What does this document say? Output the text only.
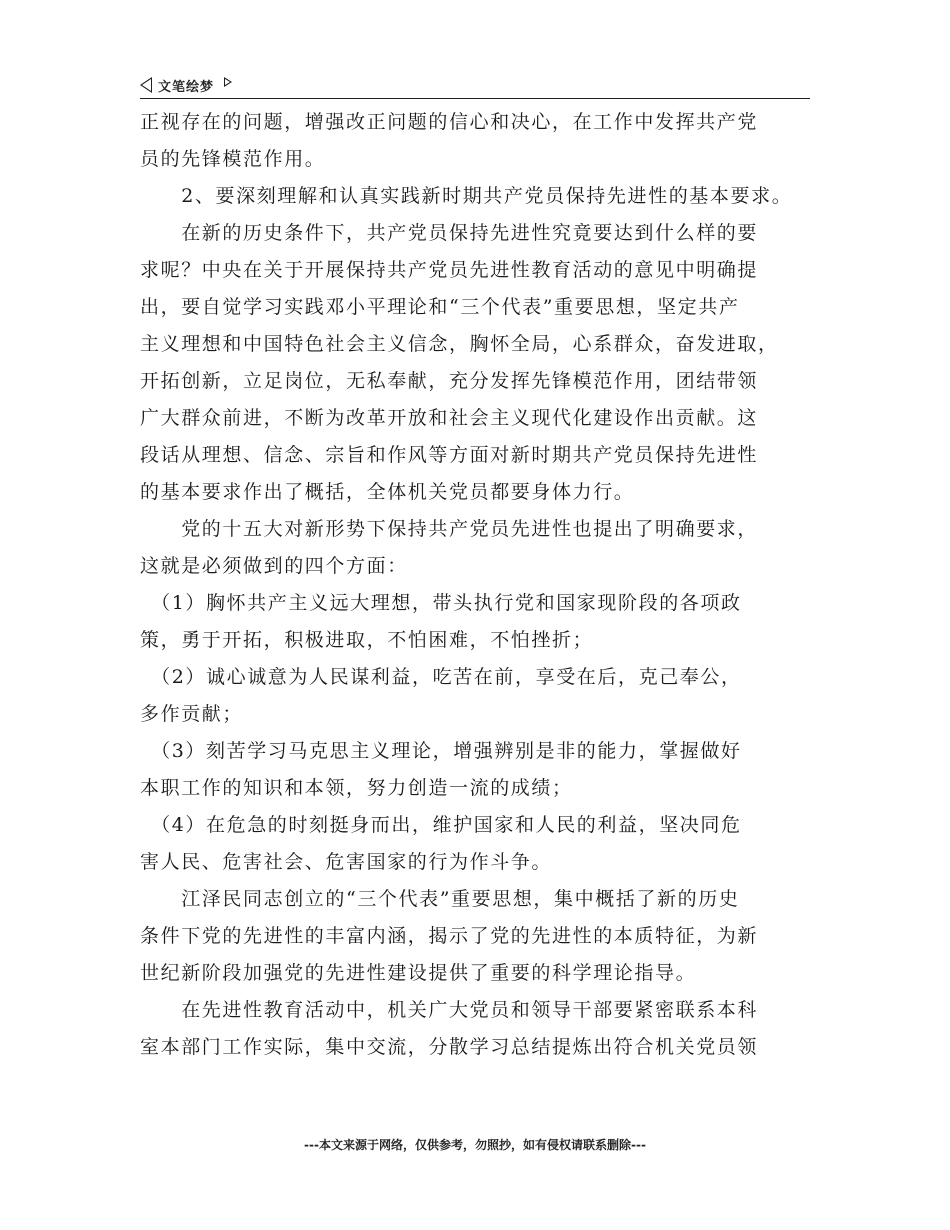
文笔绘梦
正视存在的问题，增强改正问题的信心和决心，在工作中发挥共产党
员的先锋模范作用。
　　2、要深刻理解和认真实践新时期共产党员保持先进性的基本要求。
　　在新的历史条件下，共产党员保持先进性究竟要达到什么样的要
求呢？中央在关于开展保持共产党员先进性教育活动的意见中明确提
出，要自觉学习实践邓小平理论和“三个代表”重要思想，坚定共产
主义理想和中国特色社会主义信念，胸怀全局，心系群众，奋发进取，
开拓创新，立足岗位，无私奉献，充分发挥先锋模范作用，团结带领
广大群众前进，不断为改革开放和社会主义现代化建设作出贡献。这
段话从理想、信念、宗旨和作风等方面对新时期共产党员保持先进性
的基本要求作出了概括，全体机关党员都要身体力行。
　　党的十五大对新形势下保持共产党员先进性也提出了明确要求，
这就是必须做到的四个方面：
　（1）胸怀共产主义远大理想，带头执行党和国家现阶段的各项政
策，勇于开拓，积极进取，不怕困难，不怕挫折；
　（2）诚心诚意为人民谋利益，吃苦在前，享受在后，克己奉公，
多作贡献；
　（3）刻苦学习马克思主义理论，增强辨别是非的能力，掌握做好
本职工作的知识和本领，努力创造一流的成绩；
　（4）在危急的时刻挺身而出，维护国家和人民的利益，坚决同危
害人民、危害社会、危害国家的行为作斗争。
　　江泽民同志创立的“三个代表”重要思想，集中概括了新的历史
条件下党的先进性的丰富内涵，揭示了党的先进性的本质特征，为新
世纪新阶段加强党的先进性建设提供了重要的科学理论指导。
　　在先进性教育活动中，机关广大党员和领导干部要紧密联系本科
室本部门工作实际，集中交流，分散学习总结提炼出符合机关党员领
---本文来源于网络，仅供参考，勿照抄，如有侵权请联系删除---
